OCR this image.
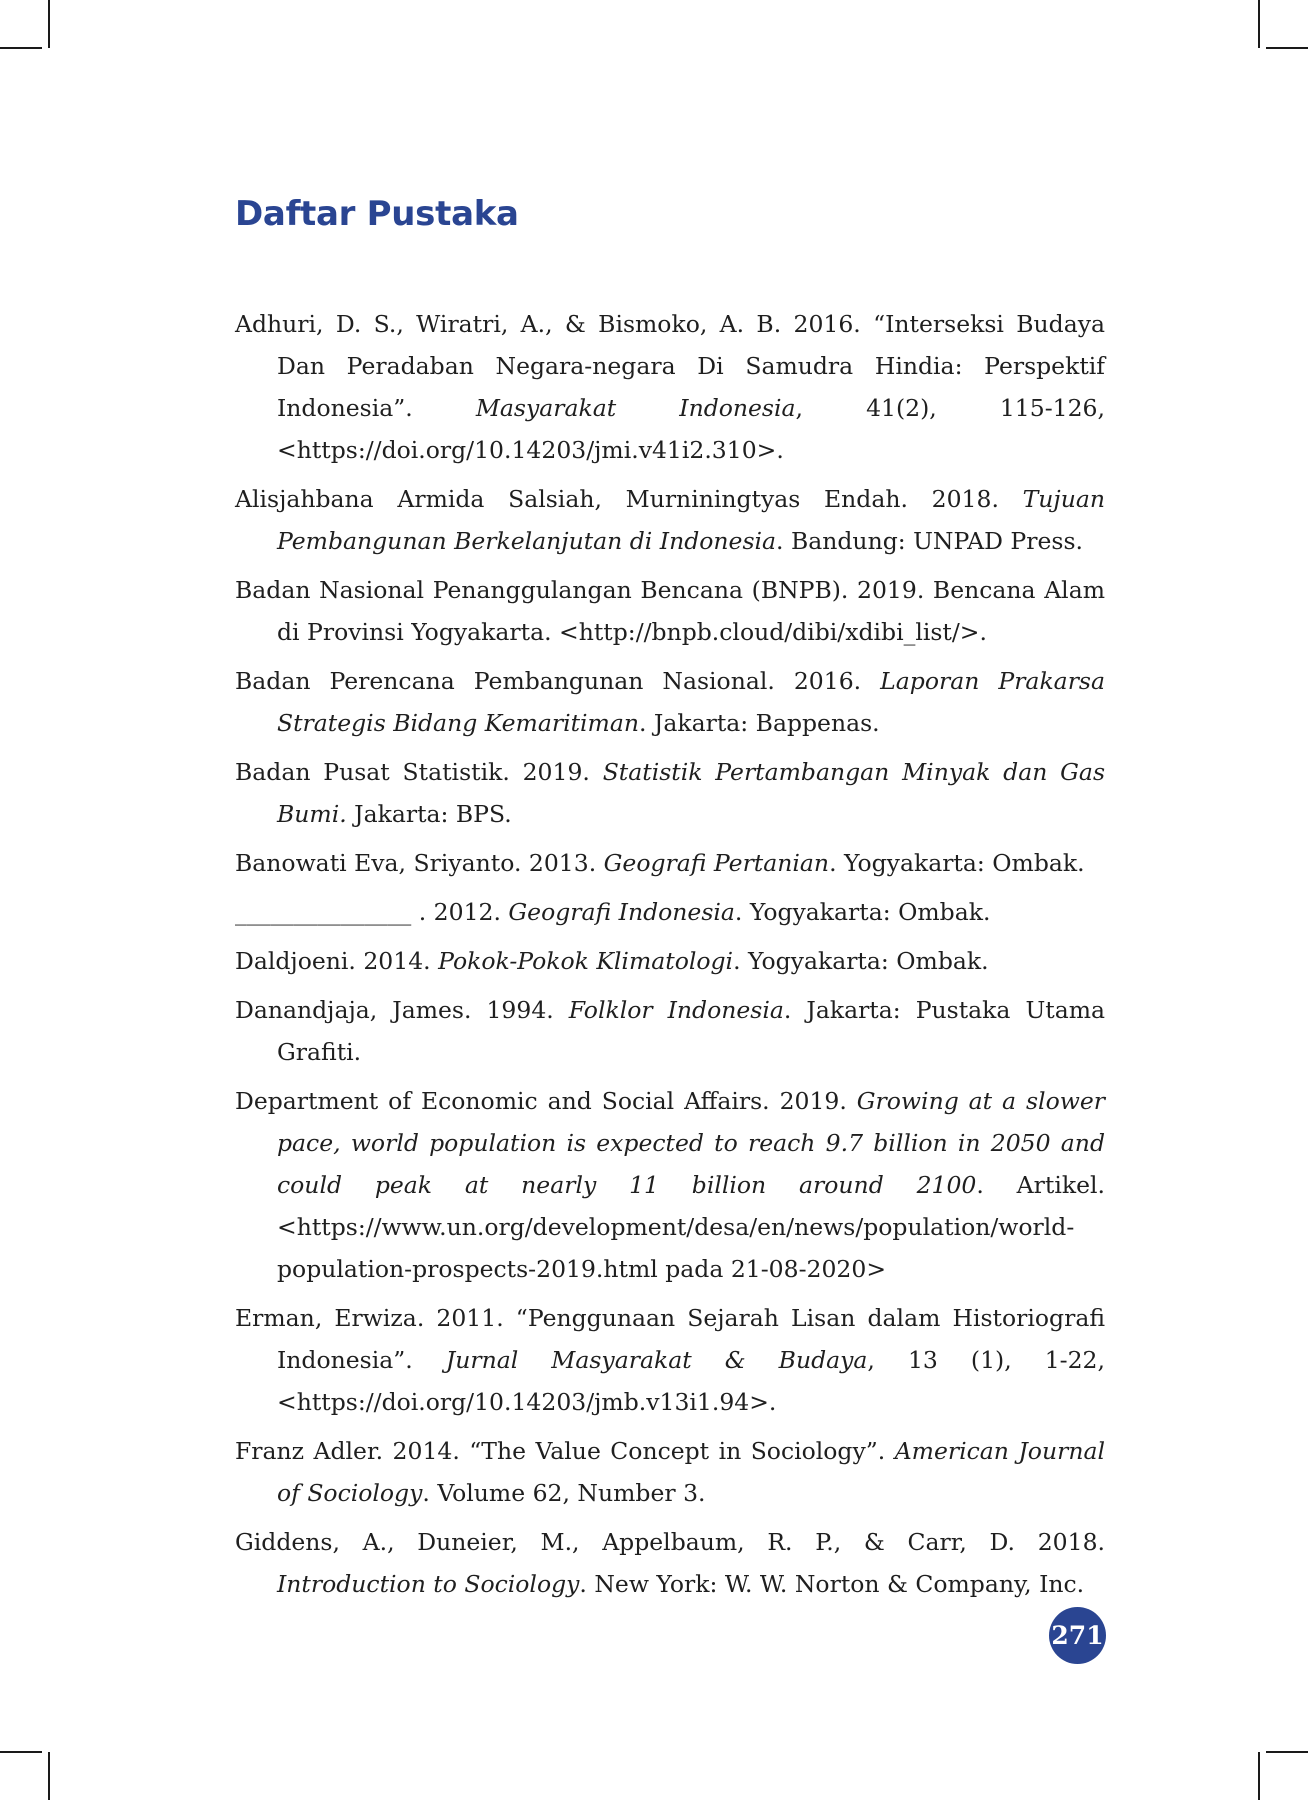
Daftar Pustaka

Adhuri, D. S., Wiratri, A., & Bismoko, A. B. 2016. “Interseksi Budaya Dan Peradaban Negara-negara Di Samudra Hindia: Perspektif Indonesia”. Masyarakat Indonesia, 41(2), 115-126, <https://doi.org/10.14203/jmi.v41i2.310>.

Alisjahbana Armida Salsiah, Murniningtyas Endah. 2018. Tujuan Pembangunan Berkelanjutan di Indonesia. Bandung: UNPAD Press.

Badan Nasional Penanggulangan Bencana (BNPB). 2019. Bencana Alam di Provinsi Yogyakarta. <http://bnpb.cloud/dibi/xdibi_list/>.

Badan Perencana Pembangunan Nasional. 2016. Laporan Prakarsa Strategis Bidang Kemaritiman. Jakarta: Bappenas.

Badan Pusat Statistik. 2019. Statistik Pertambangan Minyak dan Gas Bumi. Jakarta: BPS.

Banowati Eva, Sriyanto. 2013. Geografi Pertanian. Yogyakarta: Ombak.

_______________ . 2012. Geografi Indonesia. Yogyakarta: Ombak.

Daldjoeni. 2014. Pokok-Pokok Klimatologi. Yogyakarta: Ombak.

Danandjaja, James. 1994. Folklor Indonesia. Jakarta: Pustaka Utama Grafiti.

Department of Economic and Social Affairs. 2019. Growing at a slower pace, world population is expected to reach 9.7 billion in 2050 and could peak at nearly 11 billion around 2100. Artikel. <https://www.un.org/development/desa/en/news/population/world- population-prospects-2019.html pada 21-08-2020>

Erman, Erwiza. 2011. “Penggunaan Sejarah Lisan dalam Historiografi Indonesia”. Jurnal Masyarakat & Budaya, 13 (1), 1-22, <https://doi.org/10.14203/jmb.v13i1.94>.

Franz Adler. 2014. “The Value Concept in Sociology”. American Journal of Sociology. Volume 62, Number 3.

Giddens, A., Duneier, M., Appelbaum, R. P., & Carr, D. 2018. Introduction to Sociology. New York: W. W. Norton & Company, Inc.

271
